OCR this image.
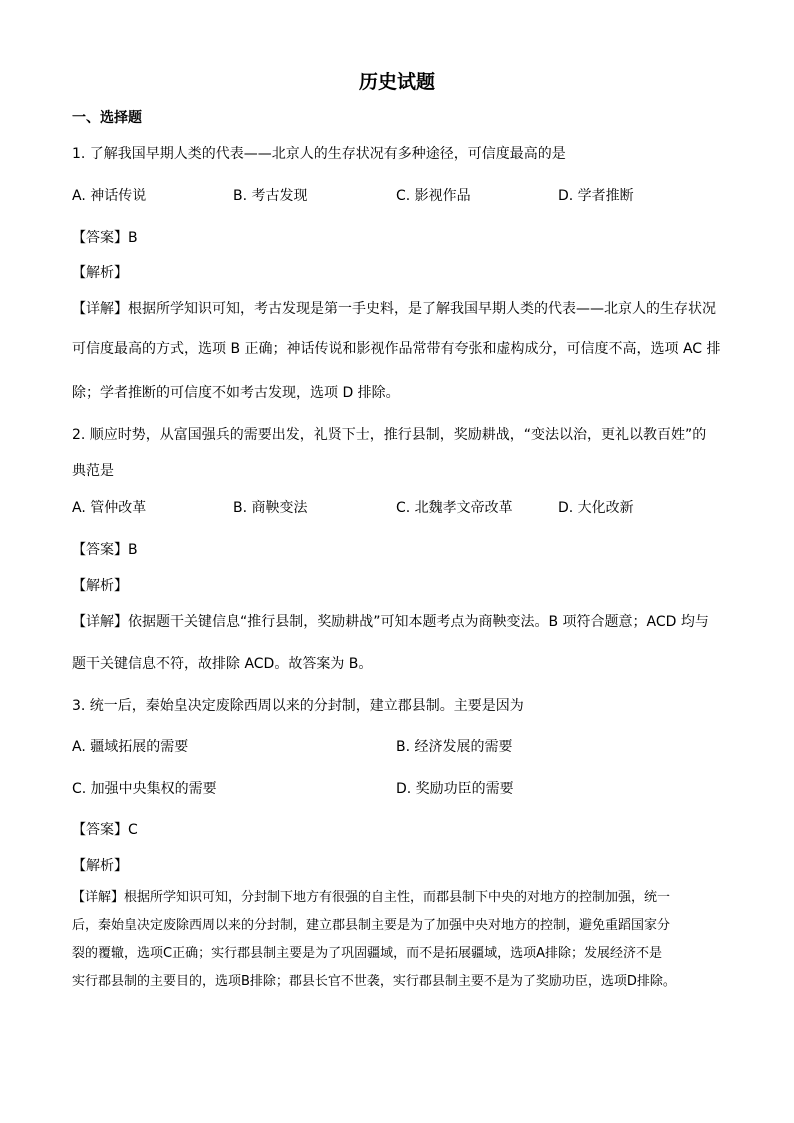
历史试题
一、选择题
1. 了解我国早期人类的代表——北京人的生存状况有多种途径，可信度最高的是
A. 神话传说	B. 考古发现	C. 影视作品	D. 学者推断
【答案】B
【解析】
【详解】根据所学知识可知，考古发现是第一手史料，是了解我国早期人类的代表——北京人的生存状况
可信度最高的方式，选项 B 正确；神话传说和影视作品常带有夸张和虚构成分，可信度不高，选项 AC 排
除；学者推断的可信度不如考古发现，选项 D 排除。
2. 顺应时势，从富国强兵的需要出发，礼贤下士，推行县制，奖励耕战，“变法以治，更礼以教百姓”的
典范是
A. 管仲改革	B. 商鞅变法	C. 北魏孝文帝改革	D. 大化改新
【答案】B
【解析】
【详解】依据题干关键信息“推行县制，奖励耕战”可知本题考点为商鞅变法。B 项符合题意；ACD 均与
题干关键信息不符，故排除 ACD。故答案为 B。
3. 统一后，秦始皇决定废除西周以来的分封制，建立郡县制。主要是因为
A. 疆域拓展的需要	B. 经济发展的需要
C. 加强中央集权的需要	D. 奖励功臣的需要
【答案】C
【解析】
【详解】根据所学知识可知，分封制下地方有很强的自主性，而郡县制下中央的对地方的控制加强，统一
后，秦始皇决定废除西周以来的分封制，建立郡县制主要是为了加强中央对地方的控制，避免重蹈国家分
裂的覆辙，选项C正确；实行郡县制主要是为了巩固疆域，而不是拓展疆域，选项A排除；发展经济不是
实行郡县制的主要目的，选项B排除；郡县长官不世袭，实行郡县制主要不是为了奖励功臣，选项D排除。
